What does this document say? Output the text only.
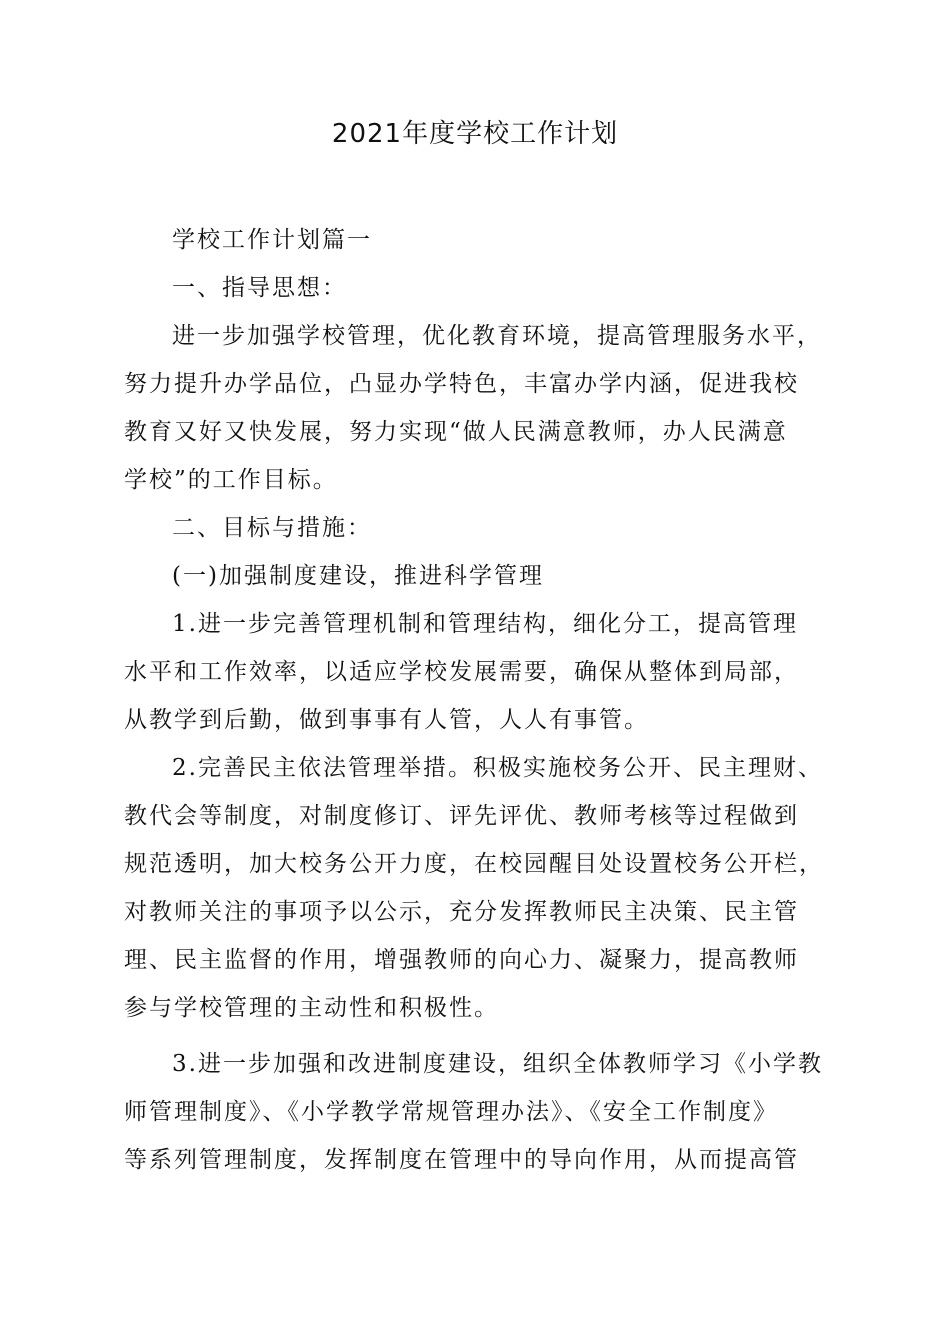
2021年度学校工作计划

学校工作计划篇一

一、指导思想：

进一步加强学校管理，优化教育环境，提高管理服务水平，

努力提升办学品位，凸显办学特色，丰富办学内涵，促进我校

教育又好又快发展，努力实现“做人民满意教师，办人民满意

学校”的工作目标。

二、目标与措施：

(一)加强制度建设，推进科学管理

1.进一步完善管理机制和管理结构，细化分工，提高管理

水平和工作效率，以适应学校发展需要，确保从整体到局部，

从教学到后勤，做到事事有人管，人人有事管。

2.完善民主依法管理举措。积极实施校务公开、民主理财、

教代会等制度，对制度修订、评先评优、教师考核等过程做到

规范透明，加大校务公开力度，在校园醒目处设置校务公开栏，

对教师关注的事项予以公示，充分发挥教师民主决策、民主管

理、民主监督的作用，增强教师的向心力、凝聚力，提高教师

参与学校管理的主动性和积极性。

3.进一步加强和改进制度建设，组织全体教师学习《小学教

师管理制度》、《小学教学常规管理办法》、《安全工作制度》

等系列管理制度，发挥制度在管理中的导向作用，从而提高管
